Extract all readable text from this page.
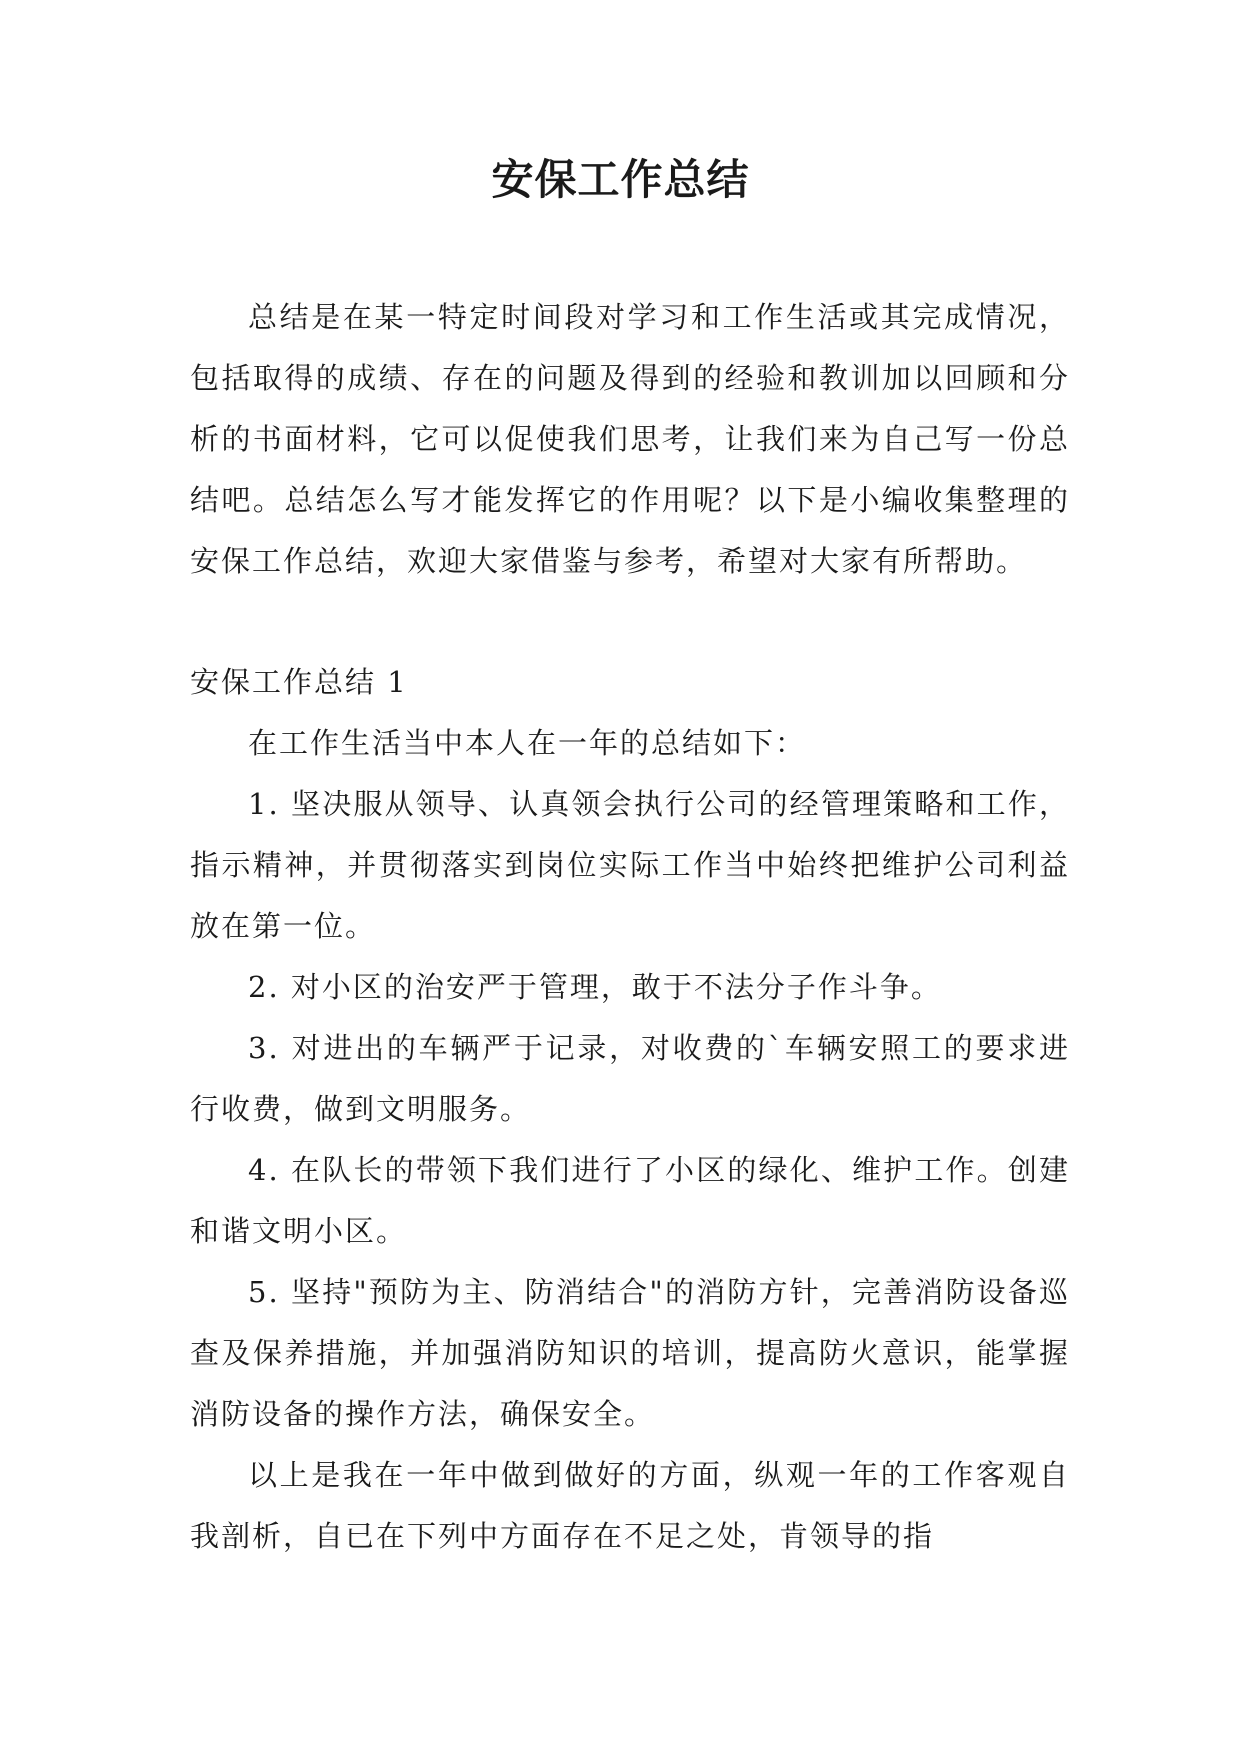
安保工作总结

总结是在某一特定时间段对学习和工作生活或其完成情况，包括取得的成绩、存在的问题及得到的经验和教训加以回顾和分析的书面材料，它可以促使我们思考，让我们来为自己写一份总结吧。总结怎么写才能发挥它的作用呢？以下是小编收集整理的安保工作总结，欢迎大家借鉴与参考，希望对大家有所帮助。

安保工作总结 1

在工作生活当中本人在一年的总结如下：

1. 坚决服从领导、认真领会执行公司的经管理策略和工作，指示精神，并贯彻落实到岗位实际工作当中始终把维护公司利益放在第一位。

2. 对小区的治安严于管理，敢于不法分子作斗争。

3. 对进出的车辆严于记录，对收费的`车辆安照工的要求进行收费，做到文明服务。

4. 在队长的带领下我们进行了小区的绿化、维护工作。创建和谐文明小区。

5. 坚持"预防为主、防消结合"的消防方针，完善消防设备巡查及保养措施，并加强消防知识的培训，提高防火意识，能掌握消防设备的操作方法，确保安全。

以上是我在一年中做到做好的方面，纵观一年的工作客观自我剖析，自已在下列中方面存在不足之处，肯领导的指
